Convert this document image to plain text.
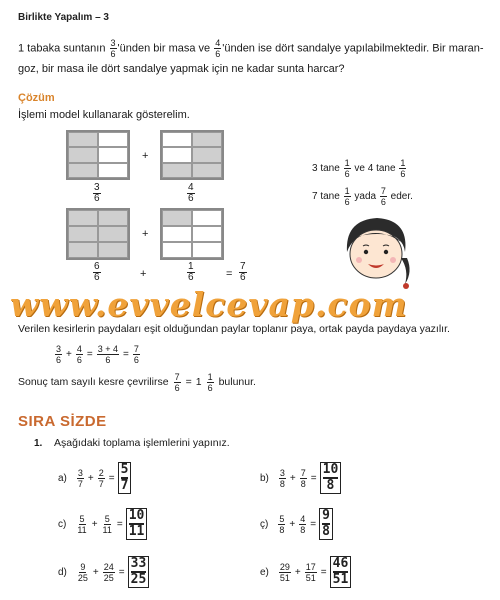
Birlikte Yapalım – 3
1 tabaka suntanın $\frac{3}{6}$ 'ünden bir masa ve $\frac{4}{6}$ 'ünden ise dört sandalye yapılabilmektedir. Bir maran-
goz, bir masa ile dört sandalye yapmak için ne kadar sunta harcar?
Çözüm
İşlemi model kullanarak gösterelim.
+
$\frac{3}{6}$	$\frac{4}{6}$
+
$\frac{6}{6}$	+	$\frac{1}{6}$	= $\frac{7}{6}$
3 tane $\frac{1}{6}$ ve 4 tane $\frac{1}{6}$
7 tane $\frac{1}{6}$ yada $\frac{7}{6}$ eder.
www.evvelcevap.com
Verilen kesirlerin paydaları eşit olduğundan paylar toplanır paya, ortak payda paydaya yazılır.
$\frac{3}{6} + \frac{4}{6} = \frac{3 + 4}{6} = \frac{7}{6}$
Sonuç tam sayılı kesre çevrilirse $\frac{7}{6} = 1 \frac{1}{6}$ bulunur.
SIRA SİZDE
1. Aşağıdaki toplama işlemlerini yapınız.
$a) \frac{3}{7} + \frac{2}{7} = \frac{5}{7}$	$b) \frac{3}{8} + \frac{7}{8} = \frac{10}{8}$
$c) \frac{5}{11} + \frac{5}{11} = \frac{10}{11}$	ç) $\frac{5}{8} + \frac{4}{8} = \frac{9}{8}$
$d) \frac{9}{25} + \frac{24}{25} = \frac{33}{25}$	$e) \frac{29}{51} + \frac{17}{51} = \frac{46}{51}$
